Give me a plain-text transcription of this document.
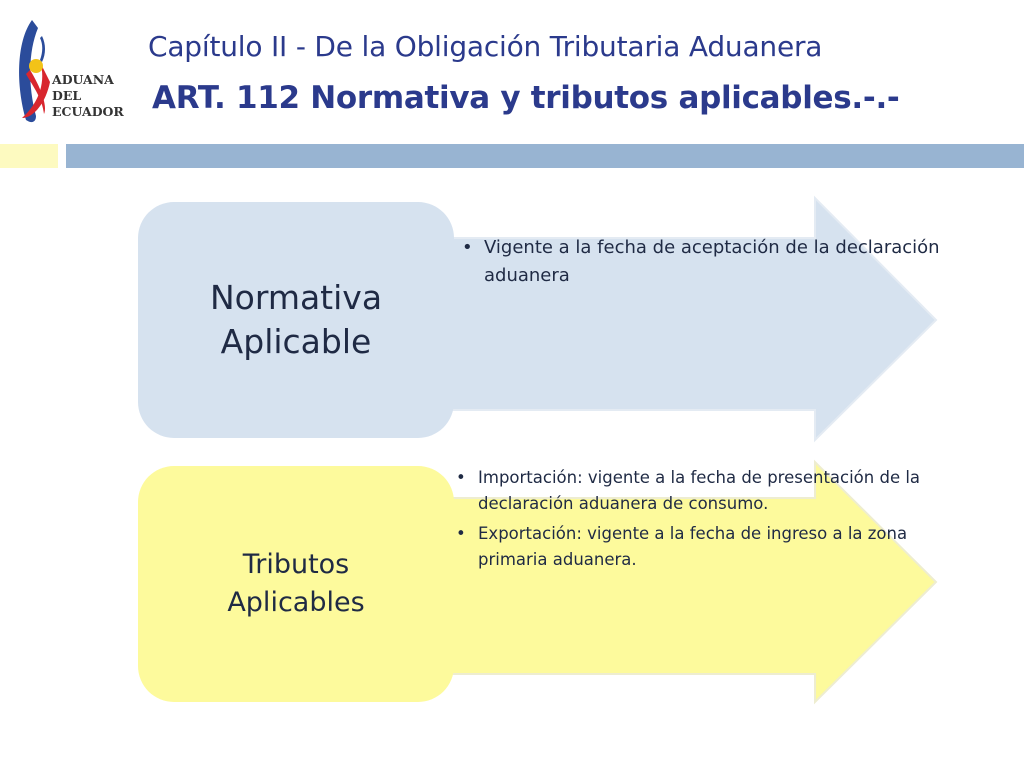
ADUANA
DEL
ECUADOR
Capítulo II - De la Obligación Tributaria Aduanera
ART. 112 Normativa y tributos aplicables.-.-
Normativa
Aplicable
• Vigente a la fecha de aceptación de la declaración aduanera
Tributos
Aplicables
• Importación: vigente a la fecha de presentación de la declaración aduanera de consumo.
• Exportación: vigente a la fecha de ingreso a la zona primaria aduanera.
